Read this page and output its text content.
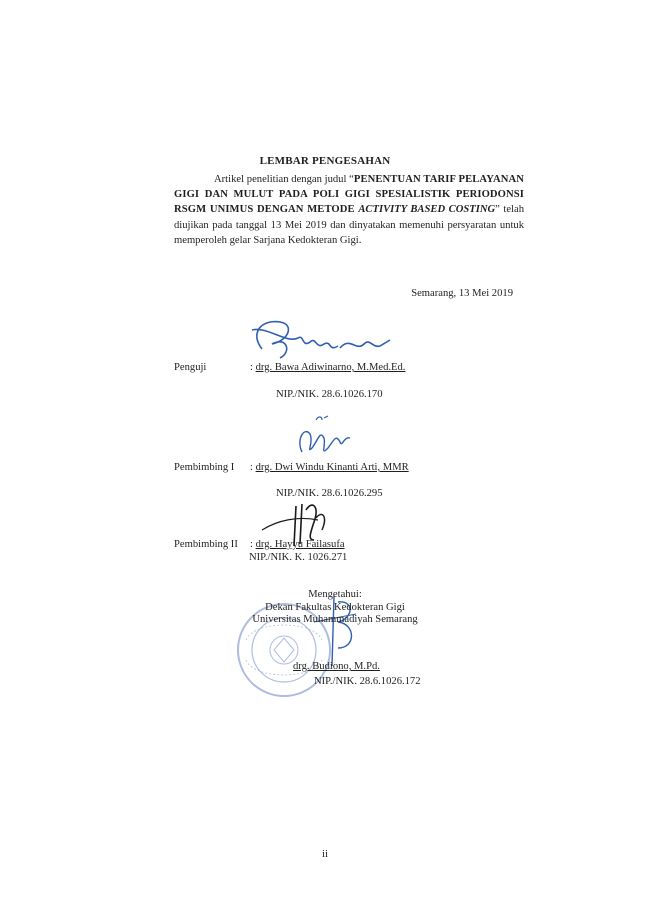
LEMBAR PENGESAHAN
Artikel penelitian dengan judul “PENENTUAN TARIF PELAYANAN GIGI DAN MULUT PADA POLI GIGI SPESIALISTIK PERIODONSI RSGM UNIMUS DENGAN METODE ACTIVITY BASED COSTING” telah diujikan pada tanggal 13 Mei 2019 dan dinyatakan memenuhi persyaratan untuk memperoleh gelar Sarjana Kedokteran Gigi.
Semarang, 13 Mei 2019
Penguji	: drg. Bawa Adiwinarno, M.Med.Ed.
NIP./NIK. 28.6.1026.170
Pembimbing I : drg. Dwi Windu Kinanti Arti, MMR
NIP./NIK. 28.6.1026.295
Pembimbing II : drg. Hayyu Failasufa
NIP./NIK. K. 1026.271
Mengetahui:
Dekan Fakultas Kedokteran Gigi
Universitas Muhammadiyah Semarang
drg. Budiono, M.Pd.
NIP./NIK. 28.6.1026.172
ii
